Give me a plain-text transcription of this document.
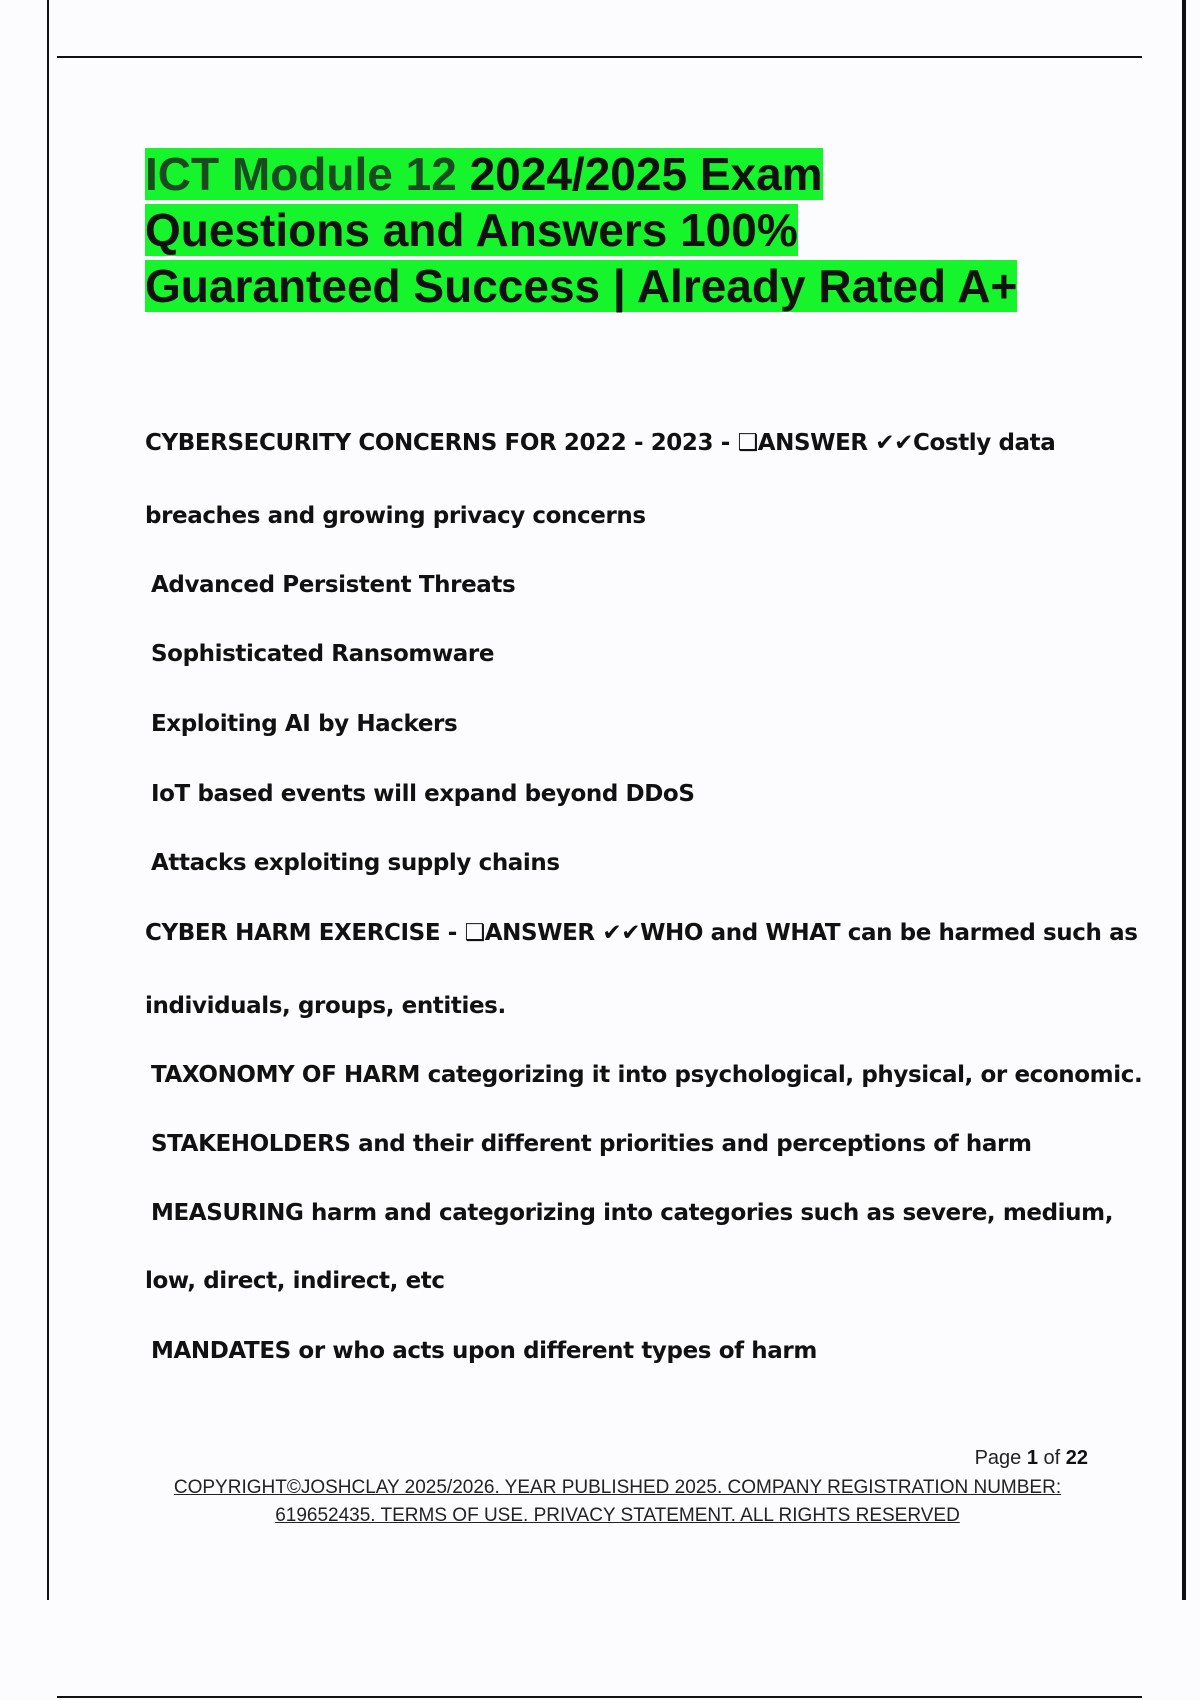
ICT Module 12 2024/2025 Exam
Questions and Answers 100%
Guaranteed Success | Already Rated A+
CYBERSECURITY CONCERNS FOR 2022 - 2023 - ❑ANSWER ✔✔Costly data
breaches and growing privacy concerns
Advanced Persistent Threats
Sophisticated Ransomware
Exploiting AI by Hackers
IoT based events will expand beyond DDoS
Attacks exploiting supply chains
CYBER HARM EXERCISE - ❑ANSWER ✔✔WHO and WHAT can be harmed such as
individuals, groups, entities.
TAXONOMY OF HARM categorizing it into psychological, physical, or economic.
STAKEHOLDERS and their different priorities and perceptions of harm
MEASURING harm and categorizing into categories such as severe, medium,
low, direct, indirect, etc
MANDATES or who acts upon different types of harm
Page 1 of 22
COPYRIGHT©JOSHCLAY 2025/2026. YEAR PUBLISHED 2025. COMPANY REGISTRATION NUMBER:
619652435. TERMS OF USE. PRIVACY STATEMENT. ALL RIGHTS RESERVED
